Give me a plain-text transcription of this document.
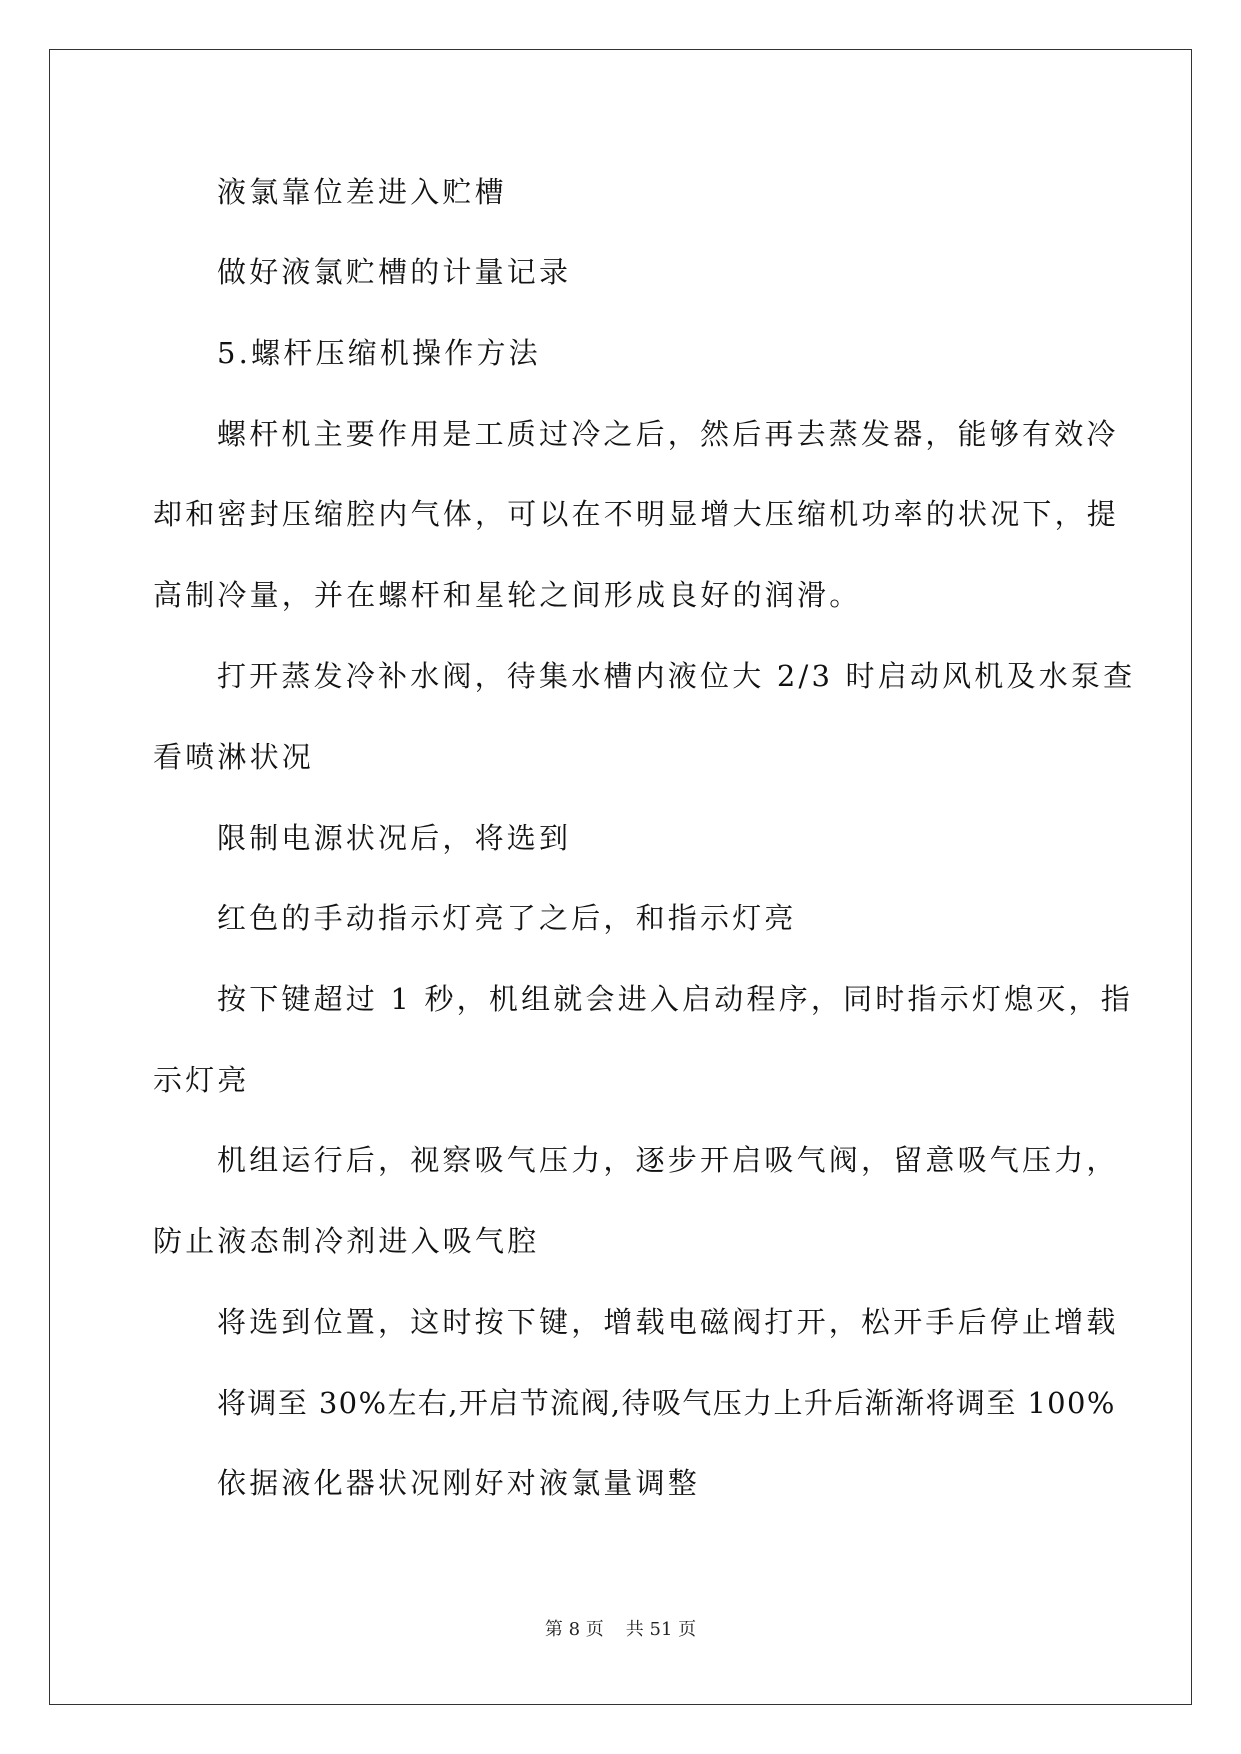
液氯靠位差进入贮槽
做好液氯贮槽的计量记录
5.螺杆压缩机操作方法
螺杆机主要作用是工质过冷之后，然后再去蒸发器，能够有效冷
却和密封压缩腔内气体，可以在不明显增大压缩机功率的状况下，提
高制冷量，并在螺杆和星轮之间形成良好的润滑。
打开蒸发冷补水阀，待集水槽内液位大 2/3 时启动风机及水泵查
看喷淋状况
限制电源状况后，将选到
红色的手动指示灯亮了之后，和指示灯亮
按下键超过 1 秒，机组就会进入启动程序，同时指示灯熄灭，指
示灯亮
机组运行后，视察吸气压力，逐步开启吸气阀，留意吸气压力，
防止液态制冷剂进入吸气腔
将选到位置，这时按下键，增载电磁阀打开，松开手后停止增载
将调至 30%左右,开启节流阀,待吸气压力上升后渐渐将调至 100%
依据液化器状况刚好对液氯量调整
第 8 页 共 51 页
